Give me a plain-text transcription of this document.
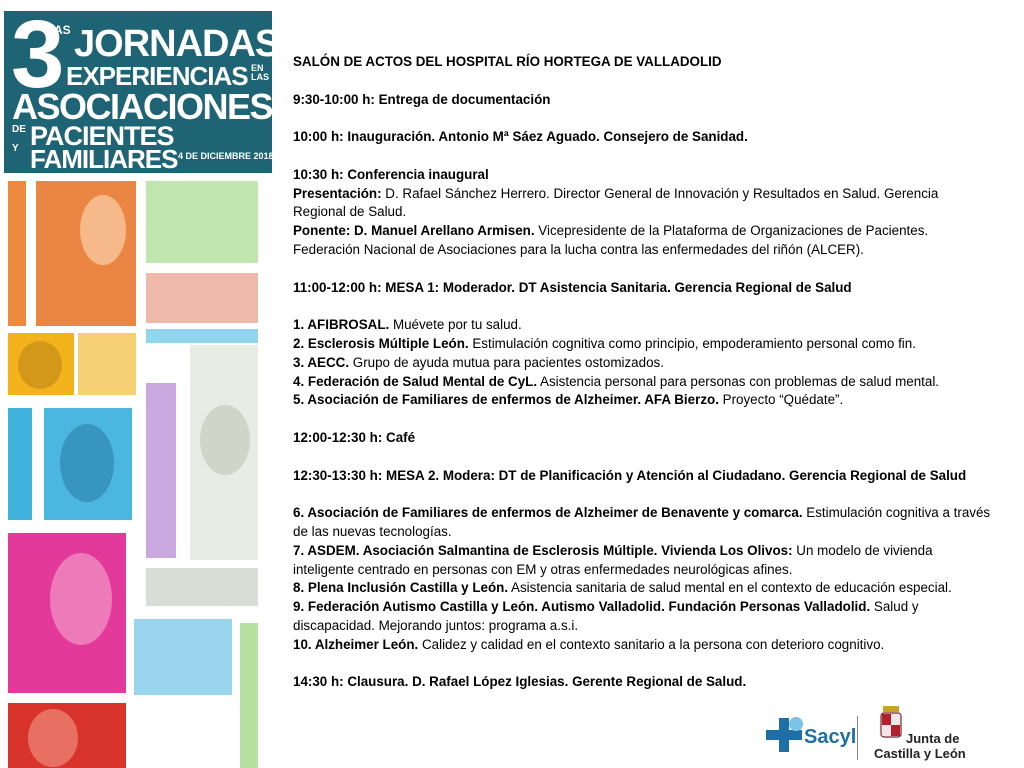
3
AS JORNADAS
EXPERIENCIAS EN LAS
ASOCIACIONES
DE PACIENTES
Y FAMILIARES 4 DE DICIEMBRE 2018

SALÓN DE ACTOS DEL HOSPITAL RÍO HORTEGA DE VALLADOLID

9:30-10:00 h: Entrega de documentación

10:00 h: Inauguración. Antonio Mª Sáez Aguado. Consejero de Sanidad.

10:30 h: Conferencia inaugural

Presentación: D. Rafael Sánchez Herrero. Director General de Innovación y Resultados en Salud. Gerencia Regional de Salud.

Ponente: D. Manuel Arellano Armisen. Vicepresidente de la Plataforma de Organizaciones de Pacientes. Federación Nacional de Asociaciones para la lucha contra las enfermedades del riñón (ALCER).

11:00-12:00 h: MESA 1: Moderador. DT Asistencia Sanitaria. Gerencia Regional de Salud

1. AFIBROSAL. Muévete por tu salud.

2. Esclerosis Múltiple León. Estimulación cognitiva como principio, empoderamiento personal como fin.

3. AECC. Grupo de ayuda mutua para pacientes ostomizados.

4. Federación de Salud Mental de CyL. Asistencia personal para personas con problemas de salud mental.

5. Asociación de Familiares de enfermos de Alzheimer. AFA Bierzo. Proyecto “Quédate”.

12:00-12:30 h: Café

12:30-13:30 h: MESA 2. Modera: DT de Planificación y Atención al Ciudadano. Gerencia Regional de Salud

6. Asociación de Familiares de enfermos de Alzheimer de Benavente y comarca. Estimulación cognitiva a través de las nuevas tecnologías.

7. ASDEM. Asociación Salmantina de Esclerosis Múltiple. Vivienda Los Olivos: Un modelo de vivienda inteligente centrado en personas con EM y otras enfermedades neurológicas afines.

8. Plena Inclusión Castilla y León. Asistencia sanitaria de salud mental en el contexto de educación especial.

9. Federación Autismo Castilla y León. Autismo Valladolid. Fundación Personas Valladolid. Salud y discapacidad. Mejorando juntos: programa a.s.i.

10. Alzheimer León. Calidez y calidad en el contexto sanitario a la persona con deterioro cognitivo.

14:30 h: Clausura. D. Rafael López Iglesias. Gerente Regional de Salud.

Sacyl	Junta de
Castilla y León
